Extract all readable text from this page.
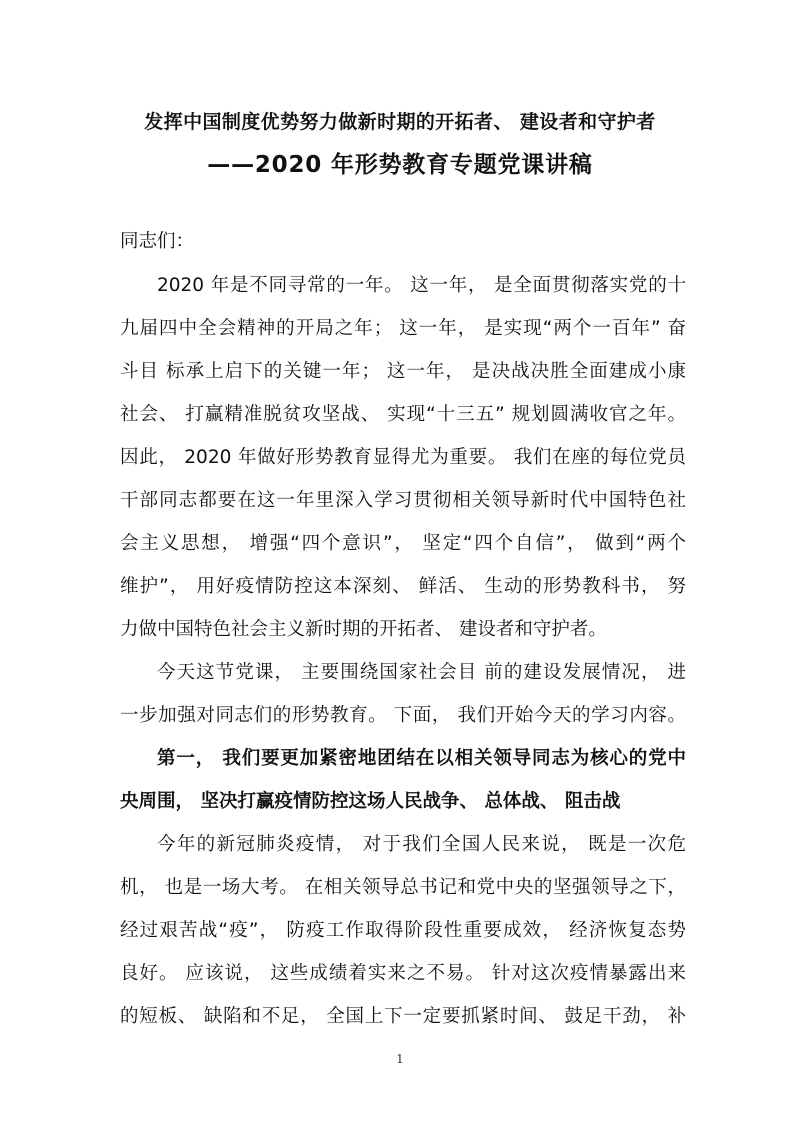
发挥中国制度优势努力做新时期的开拓者、 建设者和守护者
——2020 年形势教育专题党课讲稿
同志们：
2020 年是不同寻常的一年。 这一年， 是全面贯彻落实党的十
九届四中全会精神的开局之年； 这一年， 是实现“两个一百年” 奋
斗目 标承上启下的关键一年； 这一年， 是决战决胜全面建成小康
社会、 打赢精准脱贫攻坚战、 实现“十三五” 规划圆满收官之年。
因此， 2020 年做好形势教育显得尤为重要。 我们在座的每位党员
干部同志都要在这一年里深入学习贯彻相关领导新时代中国特色社
会主义思想， 增强“四个意识”， 坚定“四个自信”， 做到“两个
维护”， 用好疫情防控这本深刻、 鲜活、 生动的形势教科书， 努
力做中国特色社会主义新时期的开拓者、 建设者和守护者。
今天这节党课， 主要围绕国家社会目 前的建设发展情况， 进
一步加强对同志们的形势教育。 下面， 我们开始今天的学习内容。
第一， 我们要更加紧密地团结在以相关领导同志为核心的党中
央周围， 坚决打赢疫情防控这场人民战争、 总体战、 阻击战
今年的新冠肺炎疫情， 对于我们全国人民来说， 既是一次危
机， 也是一场大考。 在相关领导总书记和党中央的坚强领导之下，
经过艰苦战“疫”， 防疫工作取得阶段性重要成效， 经济恢复态势
良好。 应该说， 这些成绩着实来之不易。 针对这次疫情暴露出来
的短板、 缺陷和不足， 全国上下一定要抓紧时间、 鼓足干劲， 补
1
